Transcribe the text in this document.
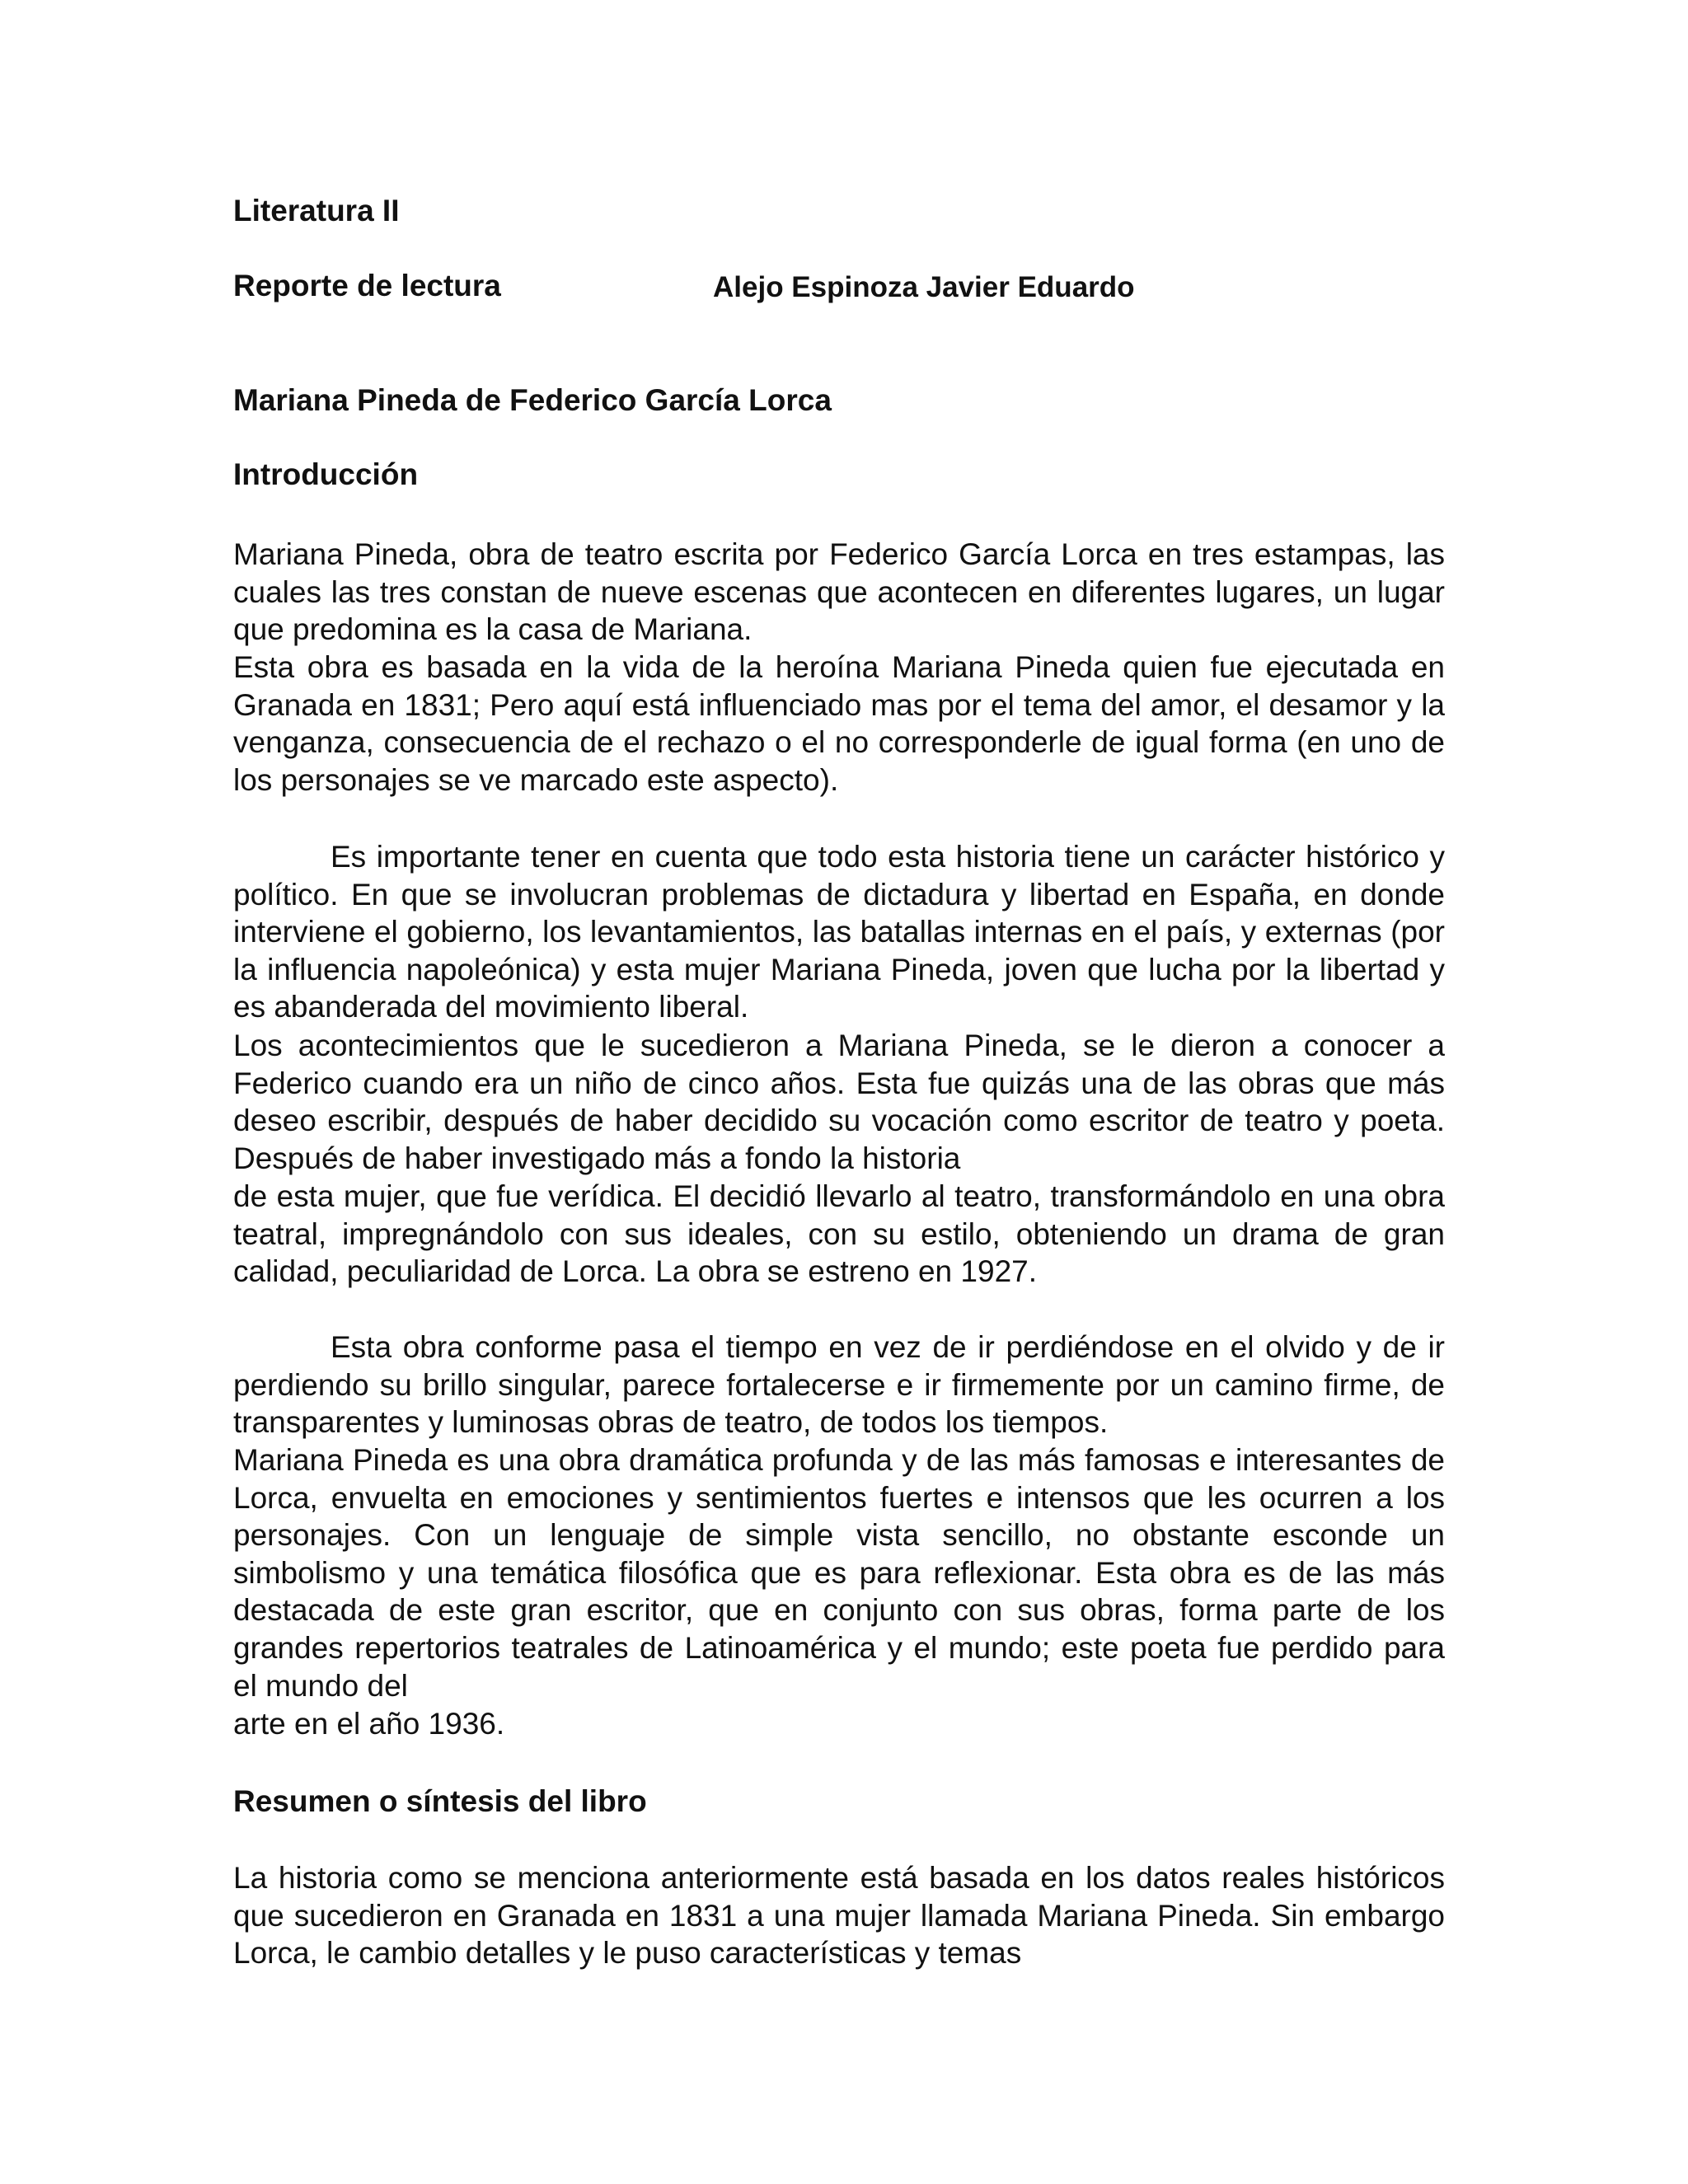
Literatura II

Reporte de lectura	Alejo Espinoza Javier Eduardo

Mariana Pineda de Federico García Lorca

Introducción

Mariana Pineda, obra de teatro escrita por Federico García Lorca en tres estampas, las cuales las tres constan de nueve escenas que acontecen en diferentes lugares, un lugar que predomina es la casa de Mariana.

Esta obra es basada en la vida de la heroína Mariana Pineda quien fue ejecutada en Granada en 1831; Pero aquí está influenciado mas por el tema del amor, el desamor y la venganza, consecuencia de el rechazo o el no corresponderle de igual forma (en uno de los personajes se ve marcado este aspecto).

Es importante tener en cuenta que todo esta historia tiene un carácter histórico y político. En que se involucran problemas de dictadura y libertad en España, en donde interviene el gobierno, los levantamientos, las batallas internas en el país, y externas (por la influencia napoleónica) y esta mujer Mariana Pineda, joven que lucha por la libertad y es abanderada del movimiento liberal.

Los acontecimientos que le sucedieron a Mariana Pineda, se le dieron a conocer a Federico cuando era un niño de cinco años. Esta fue quizás una de las obras que más deseo escribir, después de haber decidido su vocación como escritor de teatro y poeta. Después de haber investigado más a fondo la historia

de esta mujer, que fue verídica. El decidió llevarlo al teatro, transformándolo en una obra teatral, impregnándolo con sus ideales, con su estilo, obteniendo un drama de gran calidad, peculiaridad de Lorca. La obra se estreno en 1927.

Esta obra conforme pasa el tiempo en vez de ir perdiéndose en el olvido y de ir perdiendo su brillo singular, parece fortalecerse e ir firmemente por un camino firme, de transparentes y luminosas obras de teatro, de todos los tiempos.

Mariana Pineda es una obra dramática profunda y de las más famosas e interesantes de Lorca, envuelta en emociones y sentimientos fuertes e intensos que les ocurren a los personajes. Con un lenguaje de simple vista sencillo, no obstante esconde un simbolismo y una temática filosófica que es para reflexionar. Esta obra es de las más destacada de este gran escritor, que en conjunto con sus obras, forma parte de los grandes repertorios teatrales de Latinoamérica y el mundo; este poeta fue perdido para el mundo del

arte en el año 1936.

Resumen o síntesis del libro

La historia como se menciona anteriormente está basada en los datos reales históricos que sucedieron en Granada en 1831 a una mujer llamada Mariana Pineda. Sin embargo Lorca, le cambio detalles y le puso características y temas
